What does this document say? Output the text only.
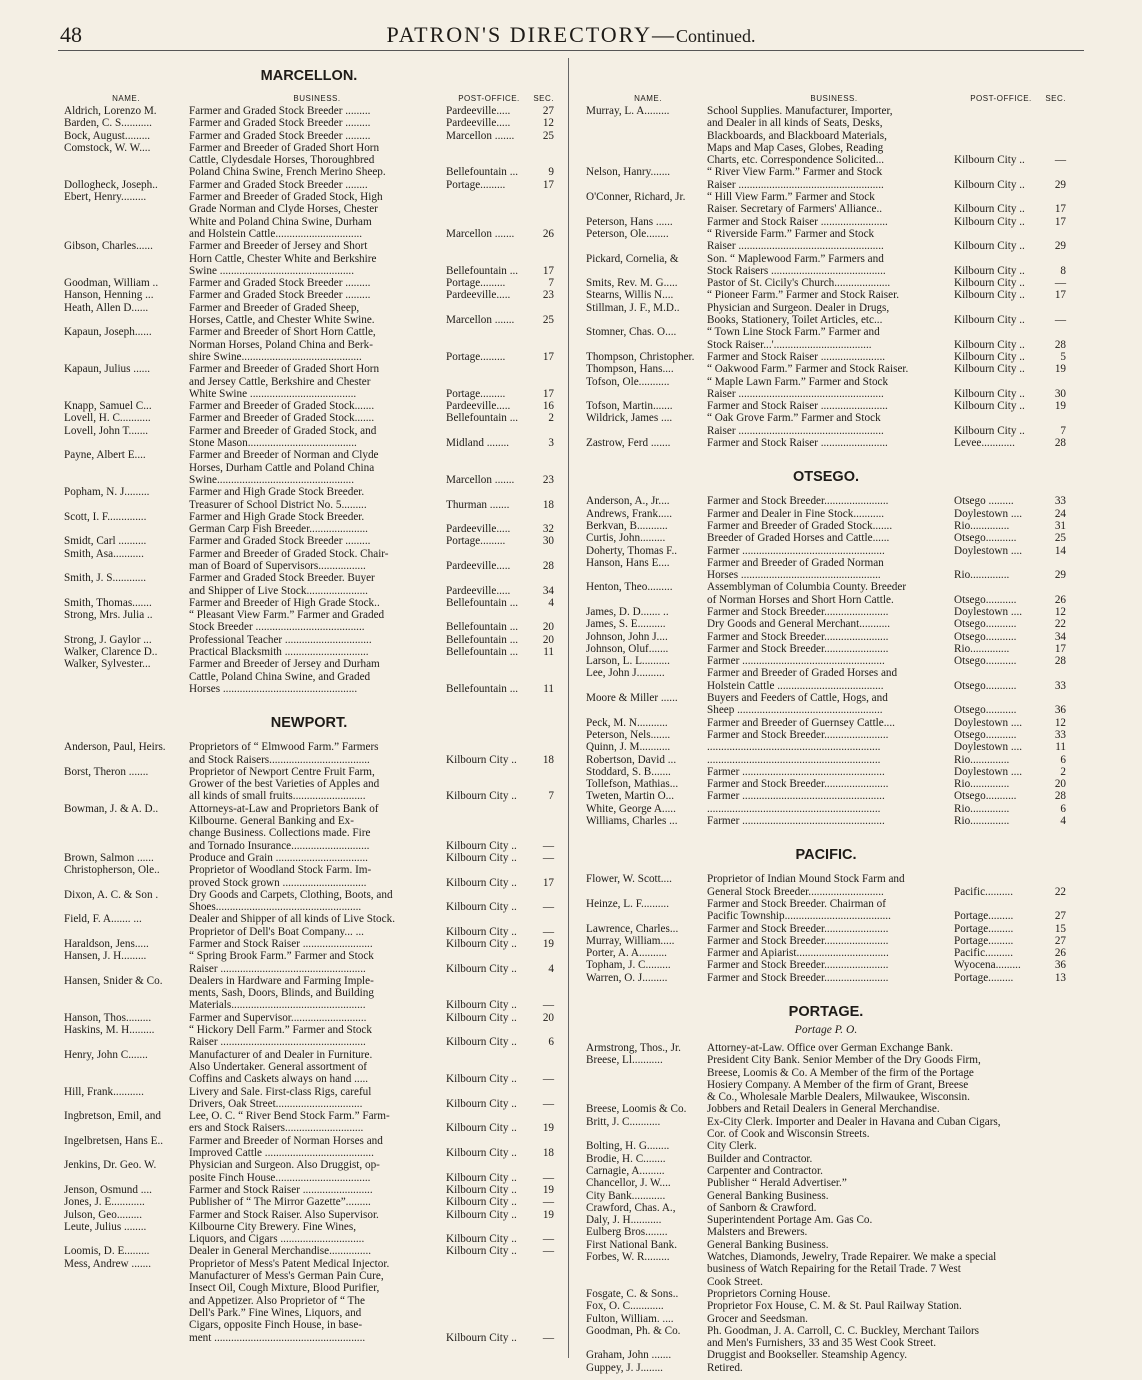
48	PATRON'S DIRECTORY—Continued.
MARCELLON.
NAME.	BUSINESS.	POST-OFFICE.	SEC.
Aldrich, Lorenzo M.	Farmer and Graded Stock Breeder .........	Pardeeville.....	27
Barden, C. S...........	Farmer and Graded Stock Breeder .........	Pardeeville.....	12
Bock, August.........	Farmer and Graded Stock Breeder .........	Marcellon .......	25
Comstock, W. W....	Farmer and Breeder of Graded Short Horn
Cattle, Clydesdale Horses, Thoroughbred
Poland China Swine, French Merino Sheep.	Bellefountain ...	9
Dollogheck, Joseph..	Farmer and Graded Stock Breeder ........	Portage.........	17
Ebert, Henry.........	Farmer and Breeder of Graded Stock, High
Grade Norman and Clyde Horses, Chester
White and Poland China Swine, Durham
and Holstein Cattle...............................	Marcellon .......	26
Gibson, Charles......	Farmer and Breeder of Jersey and Short
Horn Cattle, Chester White and Berkshire
Swine ................................................	Bellefountain ...	17
Goodman, William ..	Farmer and Graded Stock Breeder .........	Portage.........	7
Hanson, Henning ...	Farmer and Graded Stock Breeder .........	Pardeeville.....	23
Heath, Allen D......	Farmer and Breeder of Graded Sheep,
Horses, Cattle, and Chester White Swine.	Marcellon .......	25
Kapaun, Joseph......	Farmer and Breeder of Short Horn Cattle,
Norman Horses, Poland China and Berk-
shire Swine...........................................	Portage.........	17
Kapaun, Julius ......	Farmer and Breeder of Graded Short Horn
and Jersey Cattle, Berkshire and Chester
White Swine ......................................	Portage.........	17
Knapp, Samuel C...	Farmer and Breeder of Graded Stock.......	Pardeeville.....	16
Lovell, H. C...........	Farmer and Breeder of Graded Stock.......	Bellefountain ...	2
Lovell, John T.......	Farmer and Breeder of Graded Stock, and
Stone Mason.......................................	Midland ........	3
Payne, Albert E....	Farmer and Breeder of Norman and Clyde
Horses, Durham Cattle and Poland China
Swine.................................................	Marcellon .......	23
Popham, N. J.........	Farmer and High Grade Stock Breeder.
Treasurer of School District No. 5.........	Thurman .......	18
Scott, I. F..............	Farmer and High Grade Stock Breeder.
German Carp Fish Breeder.....................	Pardeeville.....	32
Smidt, Carl ..........	Farmer and Graded Stock Breeder .........	Portage.........	30
Smith, Asa...........	Farmer and Breeder of Graded Stock. Chair-
man of Board of Supervisors.................	Pardeeville.....	28
Smith, J. S............	Farmer and Graded Stock Breeder. Buyer
and Shipper of Live Stock......................	Pardeeville.....	34
Smith, Thomas.......	Farmer and Breeder of High Grade Stock..	Bellefountain ...	4
Strong, Mrs. Julia ..	“ Pleasant View Farm.” Farmer and Graded
Stock Breeder .......................................	Bellefountain ...	20
Strong, J. Gaylor ...	Professional Teacher ...............................	Bellefountain ...	20
Walker, Clarence D..	Practical Blacksmith ..............................	Bellefountain ...	11
Walker, Sylvester...	Farmer and Breeder of Jersey and Durham
Cattle, Poland China Swine, and Graded
Horses ................................................	Bellefountain ...	11
NEWPORT.
Anderson, Paul, Heirs.	Proprietors of “ Elmwood Farm.” Farmers
and Stock Raisers....................................	Kilbourn City ..	18
Borst, Theron .......	Proprietor of Newport Centre Fruit Farm,
Grower of the best Varieties of Apples and
all kinds of small fruits..........................	Kilbourn City ..	7
Bowman, J. & A. D..	Attorneys-at-Law and Proprietors Bank of
Kilbourne. General Banking and Ex-
change Business. Collections made. Fire
and Tornado Insurance............................	Kilbourn City ..	—
Brown, Salmon ......	Produce and Grain .................................	Kilbourn City ..	—
Christopherson, Ole..	Proprietor of Woodland Stock Farm. Im-
proved Stock grown ..............................	Kilbourn City ..	17
Dixon, A. C. & Son .	Dry Goods and Carpets, Clothing, Boots, and
Shoes....................................................	Kilbourn City ..	—
Field, F. A....... ...	Dealer and Shipper of all kinds of Live Stock.
Proprietor of Dell's Boat Company... ...	Kilbourn City ..	—
Haraldson, Jens.....	Farmer and Stock Raiser .........................	Kilbourn City ..	19
Hansen, J. H.........	“ Spring Brook Farm.” Farmer and Stock
Raiser ....................................................	Kilbourn City ..	4
Hansen, Snider & Co.	Dealers in Hardware and Farming Imple-
ments, Sash, Doors, Blinds, and Building
Materials................................................	Kilbourn City ..	—
Hanson, Thos.........	Farmer and Supervisor...........................	Kilbourn City ..	20
Haskins, M. H.........	“ Hickory Dell Farm.” Farmer and Stock
Raiser ....................................................	Kilbourn City ..	6
Henry, John C.......	Manufacturer of and Dealer in Furniture.
Also Undertaker. General assortment of
Coffins and Caskets always on hand .....	Kilbourn City ..	—
Hill, Frank...........	Livery and Sale. First-class Rigs, careful
Drivers, Oak Street...............................	Kilbourn City ..	—
Ingbretson, Emil, and	Lee, O. C. “ River Bend Stock Farm.” Farm-
ers and Stock Raisers............................	Kilbourn City ..	19
Ingelbretsen, Hans E..	Farmer and Breeder of Norman Horses and
Improved Cattle .......................................	Kilbourn City ..	18
Jenkins, Dr. Geo. W.	Physician and Surgeon. Also Druggist, op-
posite Finch House..................................	Kilbourn City ..	—
Jenson, Osmund ....	Farmer and Stock Raiser .........................	Kilbourn City ..	19
Jones, J. E............	Publisher of “ The Mirror Gazette”.........	Kilbourn City ..	—
Julson, Geo.........	Farmer and Stock Raiser. Also Supervisor.	Kilbourn City ..	19
Leute, Julius ........	Kilbourne City Brewery. Fine Wines,
Liquors, and Cigars ..............................	Kilbourn City ..	—
Loomis, D. E.........	Dealer in General Merchandise...............	Kilbourn City ..	—
Mess, Andrew .......	Proprietor of Mess's Patent Medical Injector.
Manufacturer of Mess's German Pain Cure,
Insect Oil, Cough Mixture, Blood Purifier,
and Appetizer. Also Proprietor of “ The
Dell's Park.” Fine Wines, Liquors, and
Cigars, opposite Finch House, in base-
ment ......................................................	Kilbourn City ..	—
NAME.	BUSINESS.	POST-OFFICE.	SEC.
Murray, L. A.........	School Supplies. Manufacturer, Importer,
and Dealer in all kinds of Seats, Desks,
Blackboards, and Blackboard Materials,
Maps and Map Cases, Globes, Reading
Charts, etc. Correspondence Solicited...	Kilbourn City ..	—
Nelson, Hanry.......	“ River View Farm.” Farmer and Stock
Raiser ....................................................	Kilbourn City ..	29
O'Conner, Richard, Jr.	“ Hill View Farm.” Farmer and Stock
Raiser. Secretary of Farmers' Alliance..	Kilbourn City ..	17
Peterson, Hans ......	Farmer and Stock Raiser ........................	Kilbourn City ..	17
Peterson, Ole........	“ Riverside Farm.” Farmer and Stock
Raiser ....................................................	Kilbourn City ..	29
Pickard, Cornelia, &	Son. “ Maplewood Farm.” Farmers and
Stock Raisers .........................................	Kilbourn City ..	8
Smits, Rev. M. G.....	Pastor of St. Cicily's Church....................	Kilbourn City ..	—
Stearns, Willis N....	“ Pioneer Farm.” Farmer and Stock Raiser.	Kilbourn City ..	17
Stillman, J. F., M.D..	Physician and Surgeon. Dealer in Drugs,
Books, Stationery, Toilet Articles, etc...	Kilbourn City ..	—
Stomner, Chas. O....	“ Town Line Stock Farm.” Farmer and
Stock Raiser...'...................................	Kilbourn City ..	28
Thompson, Christopher.	Farmer and Stock Raiser .......................	Kilbourn City ..	5
Thompson, Hans....	“ Oakwood Farm.” Farmer and Stock Raiser.	Kilbourn City ..	19
Tofson, Ole...........	“ Maple Lawn Farm.” Farmer and Stock
Raiser ....................................................	Kilbourn City ..	30
Tofson, Martin.......	Farmer and Stock Raiser ........................	Kilbourn City ..	19
Wildrick, James ....	“ Oak Grove Farm.” Farmer and Stock
Raiser ....................................................	Kilbourn City ..	7
Zastrow, Ferd .......	Farmer and Stock Raiser ........................	Levee............	28
OTSEGO.
Anderson, A., Jr....	Farmer and Stock Breeder.......................	Otsego .........	33
Andrews, Frank.....	Farmer and Dealer in Fine Stock...........	Doylestown ....	24
Berkvan, B...........	Farmer and Breeder of Graded Stock.......	Rio..............	31
Curtis, John.........	Breeder of Graded Horses and Cattle......	Otsego...........	25
Doherty, Thomas F..	Farmer ...................................................	Doylestown ....	14
Hanson, Hans E....	Farmer and Breeder of Graded Norman
Horses ..................................................	Rio..............	29
Henton, Theo.........	Assemblyman of Columbia County. Breeder
of Norman Horses and Short Horn Cattle.	Otsego...........	26
James, D. D....... ..	Farmer and Stock Breeder.......................	Doylestown ....	12
James, S. E..........	Dry Goods and General Merchant...........	Otsego...........	22
Johnson, John J....	Farmer and Stock Breeder.......................	Otsego...........	34
Johnson, Oluf.......	Farmer and Stock Breeder.......................	Rio..............	17
Larson, L. L..........	Farmer ...................................................	Otsego...........	28
Lee, John J..........	Farmer and Breeder of Graded Horses and
Holstein Cattle ......................................	Otsego...........	33
Moore & Miller ......	Buyers and Feeders of Cattle, Hogs, and
Sheep ....................................................	Otsego...........	36
Peck, M. N...........	Farmer and Breeder of Guernsey Cattle....	Doylestown ....	12
Peterson, Nels.......	Farmer and Stock Breeder.......................	Otsego...........	33
Quinn, J. M...........	..............................................................	Doylestown ....	11
Robertson, David ...	..............................................................	Rio..............	6
Stoddard, S. B.......	Farmer ...................................................	Doylestown ....	2
Tollefson, Mathias...	Farmer and Stock Breeder.......................	Rio..............	20
Tweten, Martin O...	Farmer ...................................................	Otsego...........	28
White, George A.....	..............................................................	Rio..............	6
Williams, Charles ...	Farmer ...................................................	Rio..............	4
PACIFIC.
Flower, W. Scott....	Proprietor of Indian Mound Stock Farm and
General Stock Breeder...........................	Pacific..........	22
Heinze, L. F..........	Farmer and Stock Breeder. Chairman of
Pacific Township......................................	Portage.........	27
Lawrence, Charles...	Farmer and Stock Breeder.......................	Portage.........	15
Murray, William.....	Farmer and Stock Breeder.......................	Portage.........	27
Porter, A. A..........	Farmer and Apiarist.................................	Pacific..........	26
Topham, J. C.........	Farmer and Stock Breeder.......................	Wyocena.........	36
Warren, O. J.........	Farmer and Stock Breeder.......................	Portage.........	13
PORTAGE.
Portage P. O.
Armstrong, Thos., Jr.	Attorney-at-Law. Office over German Exchange Bank.
Breese, Ll...........	President City Bank. Senior Member of the Dry Goods Firm,
Breese, Loomis & Co. A Member of the firm of the Portage
Hosiery Company. A Member of the firm of Grant, Breese
& Co., Wholesale Marble Dealers, Milwaukee, Wisconsin.
Breese, Loomis & Co.	Jobbers and Retail Dealers in General Merchandise.
Britt, J. C...........	Ex-City Clerk. Importer and Dealer in Havana and Cuban Cigars,
Cor. of Cook and Wisconsin Streets.
Bolting, H. G........	City Clerk.
Brodie, H. C........	Builder and Contractor.
Carnagie, A.........	Carpenter and Contractor.
Chancellor, J. W....	Publisher “ Herald Advertiser.”
City Bank............	General Banking Business.
Crawford, Chas. A.,	of Sanborn & Crawford.
Daly, J. H...........	Superintendent Portage Am. Gas Co.
Eulberg Bros........	Malsters and Brewers.
First National Bank.	General Banking Business.
Forbes, W. R.........	Watches, Diamonds, Jewelry, Trade Repairer. We make a special
business of Watch Repairing for the Retail Trade. 7 West
Cook Street.
Fosgate, C. & Sons..	Proprietors Corning House.
Fox, O. C............	Proprietor Fox House, C. M. & St. Paul Railway Station.
Fulton, William. ....	Grocer and Seedsman.
Goodman, Ph. & Co.	Ph. Goodman, J. A. Carroll, C. C. Buckley, Merchant Tailors
and Men's Furnishers, 33 and 35 West Cook Street.
Graham, John .......	Druggist and Bookseller. Steamship Agency.
Guppey, J. J........	Retired.
